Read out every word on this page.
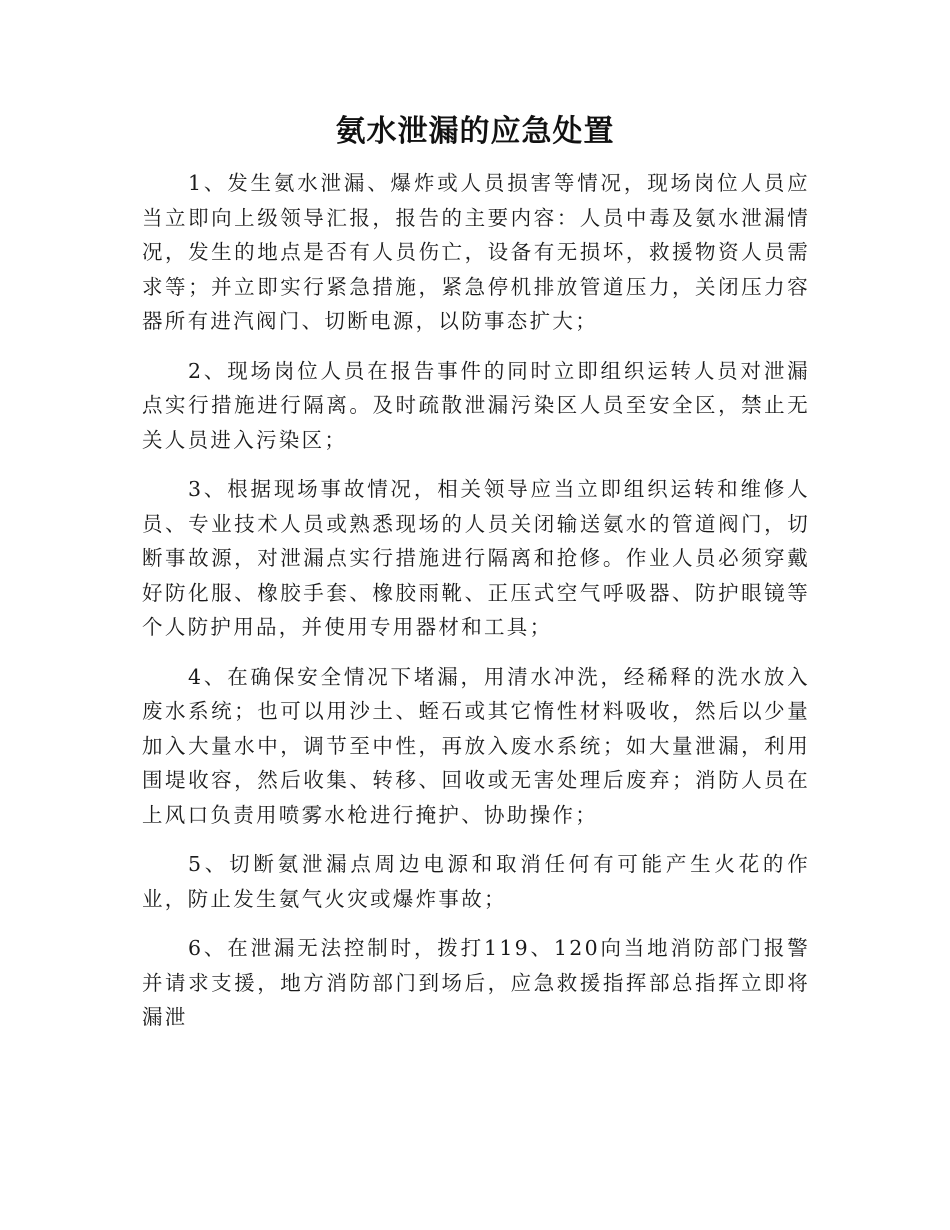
氨水泄漏的应急处置

1、发生氨水泄漏、爆炸或人员损害等情况，现场岗位人员应当立即向上级领导汇报，报告的主要内容：人员中毒及氨水泄漏情况，发生的地点是否有人员伤亡，设备有无损坏，救援物资人员需求等；并立即实行紧急措施，紧急停机排放管道压力，关闭压力容器所有进汽阀门、切断电源，以防事态扩大；

2、现场岗位人员在报告事件的同时立即组织运转人员对泄漏点实行措施进行隔离。及时疏散泄漏污染区人员至安全区，禁止无关人员进入污染区；

3、根据现场事故情况，相关领导应当立即组织运转和维修人员、专业技术人员或熟悉现场的人员关闭输送氨水的管道阀门，切断事故源，对泄漏点实行措施进行隔离和抢修。作业人员必须穿戴好防化服、橡胶手套、橡胶雨靴、正压式空气呼吸器、防护眼镜等个人防护用品，并使用专用器材和工具；

4、在确保安全情况下堵漏，用清水冲洗，经稀释的洗水放入废水系统；也可以用沙土、蛭石或其它惰性材料吸收，然后以少量加入大量水中，调节至中性，再放入废水系统；如大量泄漏，利用围堤收容，然后收集、转移、回收或无害处理后废弃；消防人员在上风口负责用喷雾水枪进行掩护、协助操作；

5、切断氨泄漏点周边电源和取消任何有可能产生火花的作业，防止发生氨气火灾或爆炸事故；

6、在泄漏无法控制时，拨打119、120向当地消防部门报警并请求支援，地方消防部门到场后，应急救援指挥部总指挥立即将漏泄
